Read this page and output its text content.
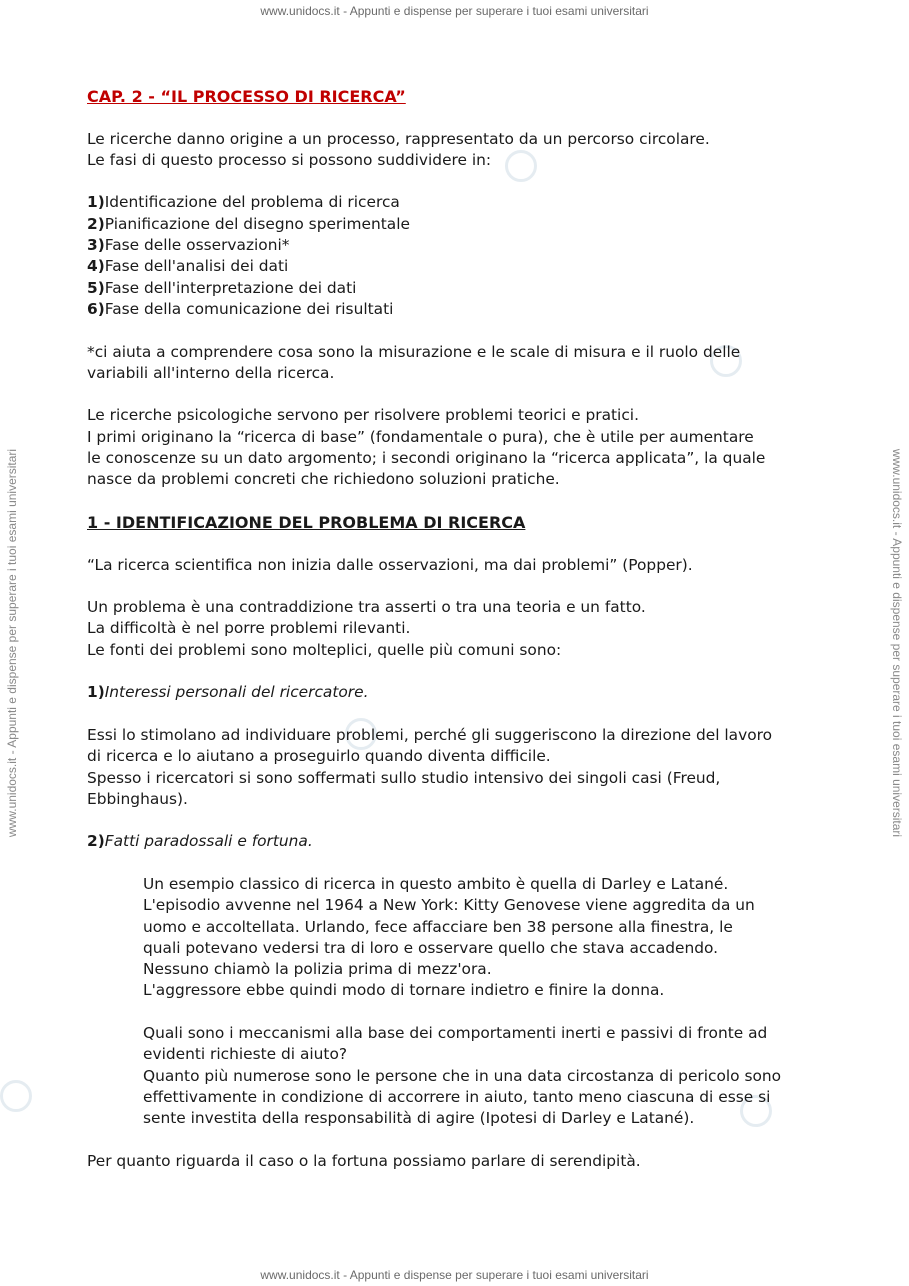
www.unidocs.it - Appunti e dispense per superare i tuoi esami universitari
www.unidocs.it - Appunti e dispense per superare i tuoi esami universitari
www.unidocs.it - Appunti e dispense per superare i tuoi esami universitari	www.unidocs.it - Appunti e dispense per superare i tuoi esami universitari

CAP. 2 - “IL PROCESSO DI RICERCA”

Le ricerche danno origine a un processo, rappresentato da un percorso circolare.

Le fasi di questo processo si possono suddividere in:

1)Identificazione del problema di ricerca

2)Pianificazione del disegno sperimentale

3)Fase delle osservazioni*

4)Fase dell'analisi dei dati

5)Fase dell'interpretazione dei dati

6)Fase della comunicazione dei risultati

*ci aiuta a comprendere cosa sono la misurazione e le scale di misura e il ruolo delle

variabili all'interno della ricerca.

Le ricerche psicologiche servono per risolvere problemi teorici e pratici.

I primi originano la “ricerca di base” (fondamentale o pura), che è utile per aumentare

le conoscenze su un dato argomento; i secondi originano la “ricerca applicata”, la quale

nasce da problemi concreti che richiedono soluzioni pratiche.

1 - IDENTIFICAZIONE DEL PROBLEMA DI RICERCA

“La ricerca scientifica non inizia dalle osservazioni, ma dai problemi” (Popper).

Un problema è una contraddizione tra asserti o tra una teoria e un fatto.

La difficoltà è nel porre problemi rilevanti.

Le fonti dei problemi sono molteplici, quelle più comuni sono:

1)Interessi personali del ricercatore.

Essi lo stimolano ad individuare problemi, perché gli suggeriscono la direzione del lavoro

di ricerca e lo aiutano a proseguirlo quando diventa difficile.

Spesso i ricercatori si sono soffermati sullo studio intensivo dei singoli casi (Freud,

Ebbinghaus).

2)Fatti paradossali e fortuna.

Un esempio classico di ricerca in questo ambito è quella di Darley e Latané.

L'episodio avvenne nel 1964 a New York: Kitty Genovese viene aggredita da un

uomo e accoltellata. Urlando, fece affacciare ben 38 persone alla finestra, le

quali potevano vedersi tra di loro e osservare quello che stava accadendo.

Nessuno chiamò la polizia prima di mezz'ora.

L'aggressore ebbe quindi modo di tornare indietro e finire la donna.

Quali sono i meccanismi alla base dei comportamenti inerti e passivi di fronte ad

evidenti richieste di aiuto?

Quanto più numerose sono le persone che in una data circostanza di pericolo sono

effettivamente in condizione di accorrere in aiuto, tanto meno ciascuna di esse si

sente investita della responsabilità di agire (Ipotesi di Darley e Latané).

Per quanto riguarda il caso o la fortuna possiamo parlare di serendipità.
